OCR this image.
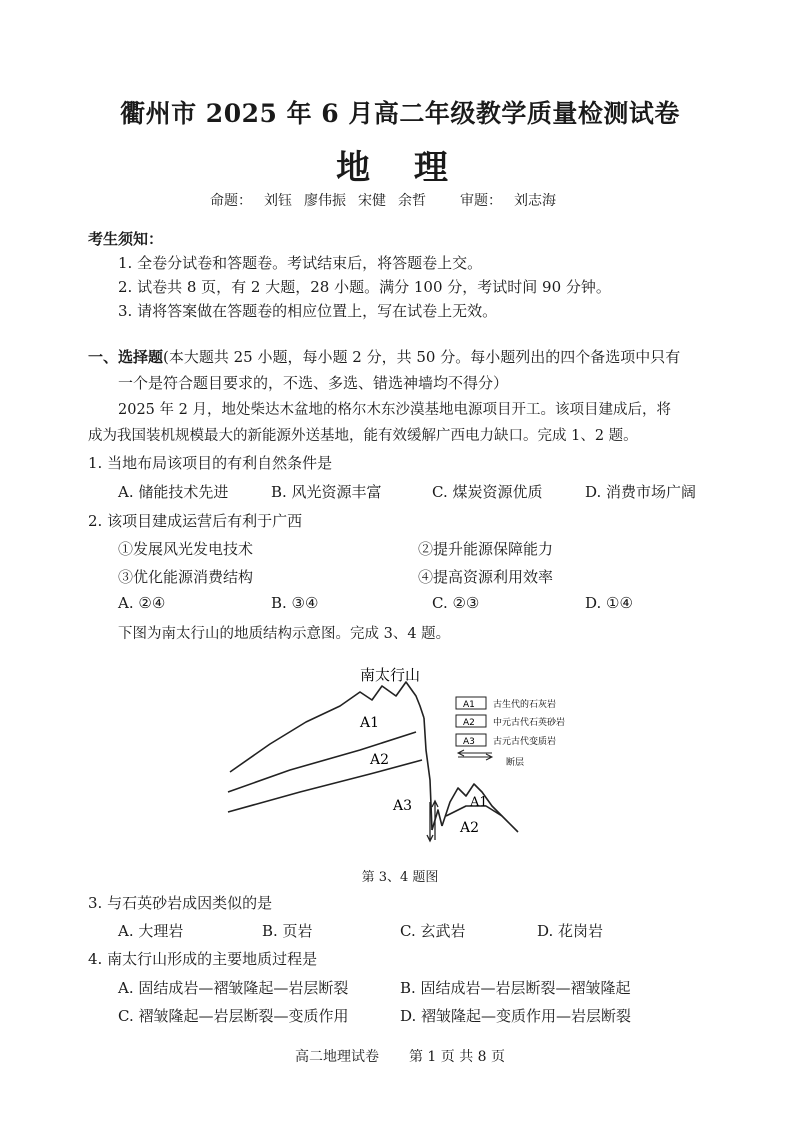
衢州市 2025 年 6 月高二年级教学质量检测试卷
地 理
命题： 刘钰 廖伟振 宋健 余哲 审题： 刘志海
考生须知：
1. 全卷分试卷和答题卷。考试结束后，将答题卷上交。
2. 试卷共 8 页，有 2 大题，28 小题。满分 100 分，考试时间 90 分钟。
3. 请将答案做在答题卷的相应位置上，写在试卷上无效。
一、选择题(本大题共 25 小题，每小题 2 分，共 50 分。每小题列出的四个备选项中只有
一个是符合题目要求的，不选、多选、错选神墙均不得分）
2025 年 2 月，地处柴达木盆地的格尔木东沙漠基地电源项目开工。该项目建成后，将
成为我国装机规模最大的新能源外送基地，能有效缓解广西电力缺口。完成 1、2 题。
1. 当地布局该项目的有利自然条件是
A. 储能技术先进	B. 风光资源丰富	C. 煤炭资源优质	D. 消费市场广阔
2. 该项目建成运营后有利于广西
①发展风光发电技术	②提升能源保障能力
③优化能源消费结构	④提高资源利用效率
A. ②④	B. ③④	C. ②③	D. ①④
下图为南太行山的地质结构示意图。完成 3、4 题。
南太行山
A1
A2
A3	A1
A2
A1 古生代的石灰岩
A2 中元古代石英砂岩
A3 古元古代变质岩
断层
第 3、4 题图
3. 与石英砂岩成因类似的是
A. 大理岩	B. 页岩	C. 玄武岩	D. 花岗岩
4. 南太行山形成的主要地质过程是
A. 固结成岩—褶皱隆起—岩层断裂	B. 固结成岩—岩层断裂—褶皱隆起
C. 褶皱隆起—岩层断裂—变质作用	D. 褶皱隆起—变质作用—岩层断裂
高二地理试卷 第 1 页 共 8 页
